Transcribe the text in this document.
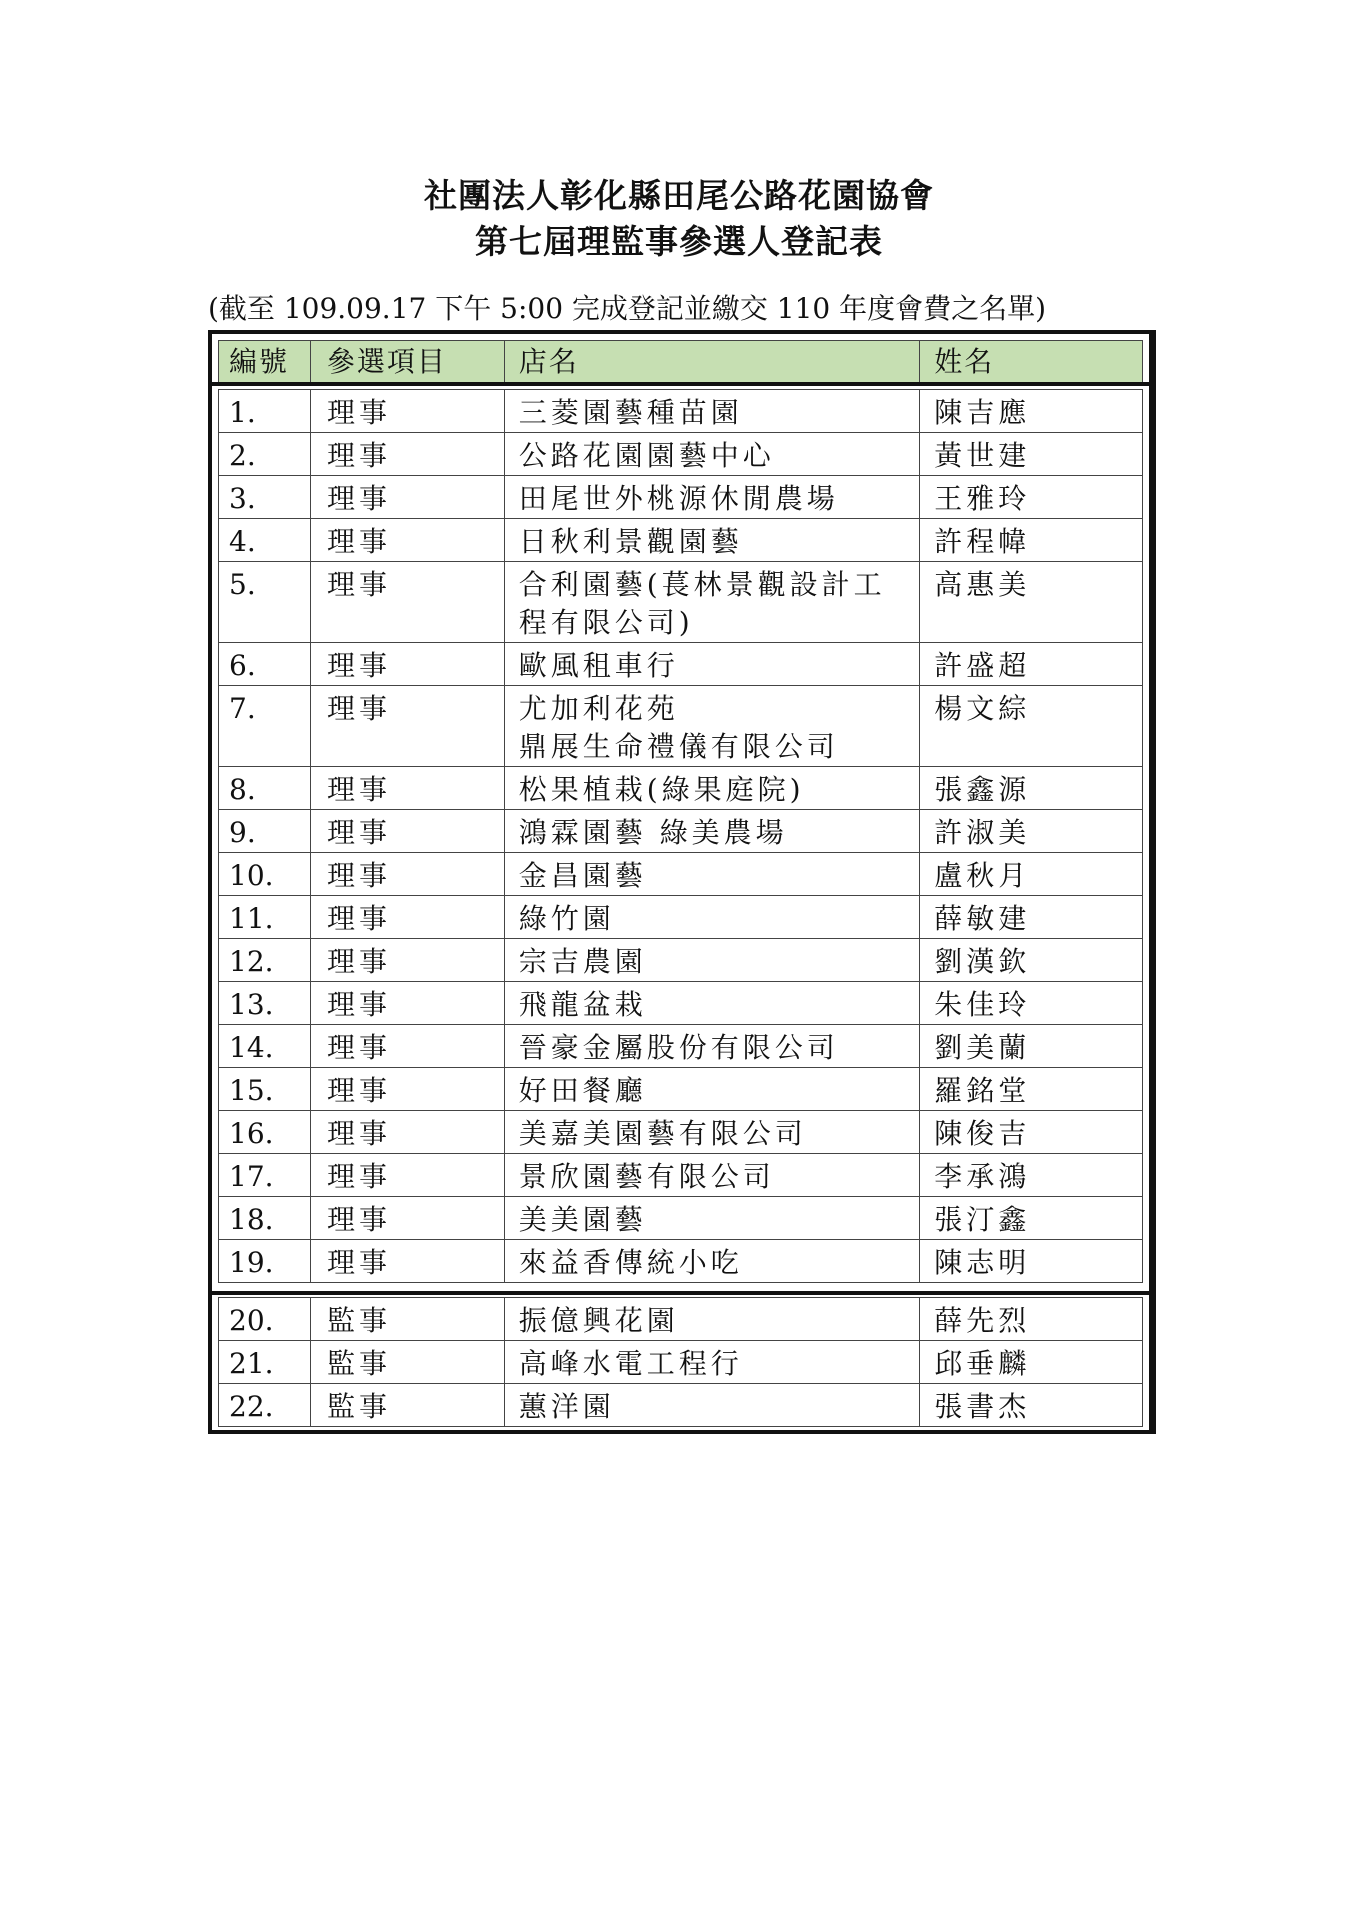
社團法人彰化縣田尾公路花園協會
第七屆理監事參選人登記表
(截至 109.09.17 下午 5:00 完成登記並繳交 110 年度會費之名單)
編號	參選項目	店名	姓名
1.	理事	三菱園藝種苗園	陳吉應
2.	理事	公路花園園藝中心	黃世建
3.	理事	田尾世外桃源休閒農場	王雅玲
4.	理事	日秋利景觀園藝	許程幃
5.	理事	合利園藝(萇林景觀設計工
程有限公司)	高惠美
6.	理事	歐風租車行	許盛超
7.	理事	尤加利花苑
鼎展生命禮儀有限公司	楊文綜
8.	理事	松果植栽(綠果庭院)	張鑫源
9.	理事	鴻霖園藝 綠美農場	許淑美
10.	理事	金昌園藝	盧秋月
11.	理事	綠竹園	薛敏建
12.	理事	宗吉農園	劉漢欽
13.	理事	飛龍盆栽	朱佳玲
14.	理事	晉豪金屬股份有限公司	劉美蘭
15.	理事	好田餐廳	羅銘堂
16.	理事	美嘉美園藝有限公司	陳俊吉
17.	理事	景欣園藝有限公司	李承鴻
18.	理事	美美園藝	張汀鑫
19.	理事	來益香傳統小吃	陳志明
20.	監事	振億興花園	薛先烈
21.	監事	高峰水電工程行	邱垂麟
22.	監事	蕙洋園	張書杰
